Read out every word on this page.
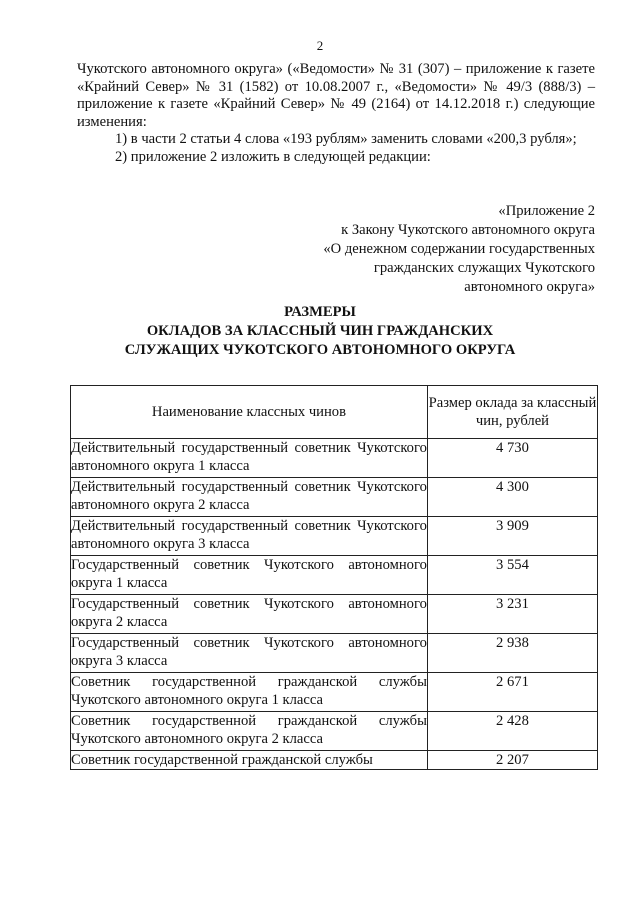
2

Чукотского автономного округа» («Ведомости» № 31 (307) – приложение к газете «Крайний Север» № 31 (1582) от 10.08.2007 г., «Ведомости» № 49/3 (888/3) – приложение к газете «Крайний Север» № 49 (2164) от 14.12.2018 г.) следующие изменения:

1) в части 2 статьи 4 слова «193 рублям» заменить словами «200,3 рубля»;

2) приложение 2 изложить в следующей редакции:

«Приложение 2
к Закону Чукотского автономного округа
«О денежном содержании государственных
гражданских служащих Чукотского
автономного округа»
РАЗМЕРЫ
ОКЛАДОВ ЗА КЛАССНЫЙ ЧИН ГРАЖДАНСКИХ
СЛУЖАЩИХ ЧУКОТСКОГО АВТОНОМНОГО ОКРУГА
Наименование классных чинов	Размер оклада за классный чин, рублей

Действительный государственный советник Чукотского автономного округа 1 класса	4 730

Действительный государственный советник Чукотского автономного округа 2 класса	4 300

Действительный государственный советник Чукотского автономного округа 3 класса	3 909

Государственный советник Чукотского автономного округа 1 класса	3 554

Государственный советник Чукотского автономного округа 2 класса	3 231

Государственный советник Чукотского автономного округа 3 класса	2 938

Советник государственной гражданской службы Чукотского автономного округа 1 класса	2 671

Советник государственной гражданской службы Чукотского автономного округа 2 класса	2 428

Советник государственной гражданской службы	2 207
